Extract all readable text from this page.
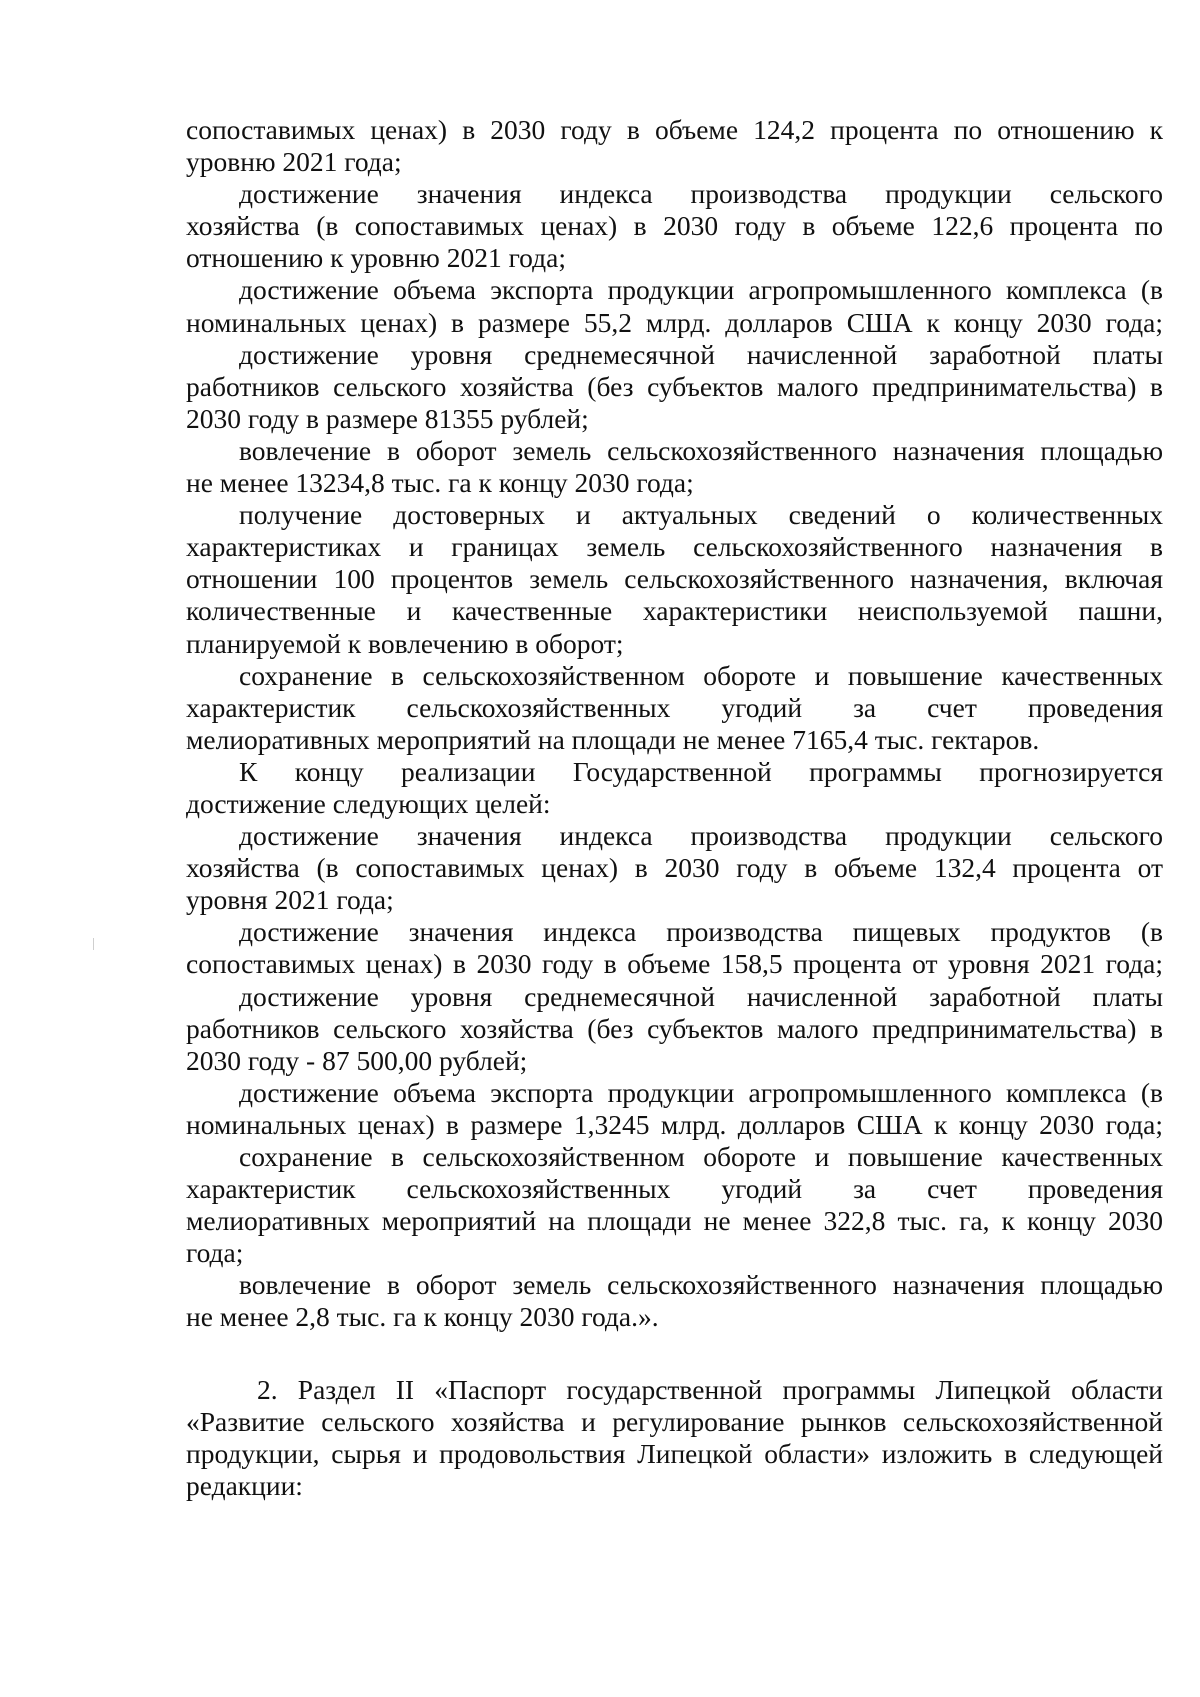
сопоставимых ценах) в 2030 году в объеме 124,2 процента по отношению к
уровню 2021 года;
достижение значения индекса производства продукции сельского
хозяйства (в сопоставимых ценах) в 2030 году в объеме 122,6 процента по
отношению к уровню 2021 года;
достижение объема экспорта продукции агропромышленного комплекса (в
номинальных ценах) в размере 55,2 млрд. долларов США к концу 2030 года;
достижение уровня среднемесячной начисленной заработной платы
работников сельского хозяйства (без субъектов малого предпринимательства) в
2030 году в размере 81355 рублей;
вовлечение в оборот земель сельскохозяйственного назначения площадью
не менее 13234,8 тыс. га к концу 2030 года;
получение достоверных и актуальных сведений о количественных
характеристиках и границах земель сельскохозяйственного назначения в
отношении 100 процентов земель сельскохозяйственного назначения, включая
количественные и качественные характеристики неиспользуемой пашни,
планируемой к вовлечению в оборот;
сохранение в сельскохозяйственном обороте и повышение качественных
характеристик сельскохозяйственных угодий за счет проведения
мелиоративных мероприятий на площади не менее 7165,4 тыс. гектаров.
К концу реализации Государственной программы прогнозируется
достижение следующих целей:
достижение значения индекса производства продукции сельского
хозяйства (в сопоставимых ценах) в 2030 году в объеме 132,4 процента от
уровня 2021 года;
достижение значения индекса производства пищевых продуктов (в
сопоставимых ценах) в 2030 году в объеме 158,5 процента от уровня 2021 года;
достижение уровня среднемесячной начисленной заработной платы
работников сельского хозяйства (без субъектов малого предпринимательства) в
2030 году - 87 500,00 рублей;
достижение объема экспорта продукции агропромышленного комплекса (в
номинальных ценах) в размере 1,3245 млрд. долларов США к концу 2030 года;
сохранение в сельскохозяйственном обороте и повышение качественных
характеристик сельскохозяйственных угодий за счет проведения
мелиоративных мероприятий на площади не менее 322,8 тыс. га, к концу 2030
года;
вовлечение в оборот земель сельскохозяйственного назначения площадью
не менее 2,8 тыс. га к концу 2030 года.».
2. Раздел II «Паспорт государственной программы Липецкой области
«Развитие сельского хозяйства и регулирование рынков сельскохозяйственной
продукции, сырья и продовольствия Липецкой области» изложить в следующей
редакции:
